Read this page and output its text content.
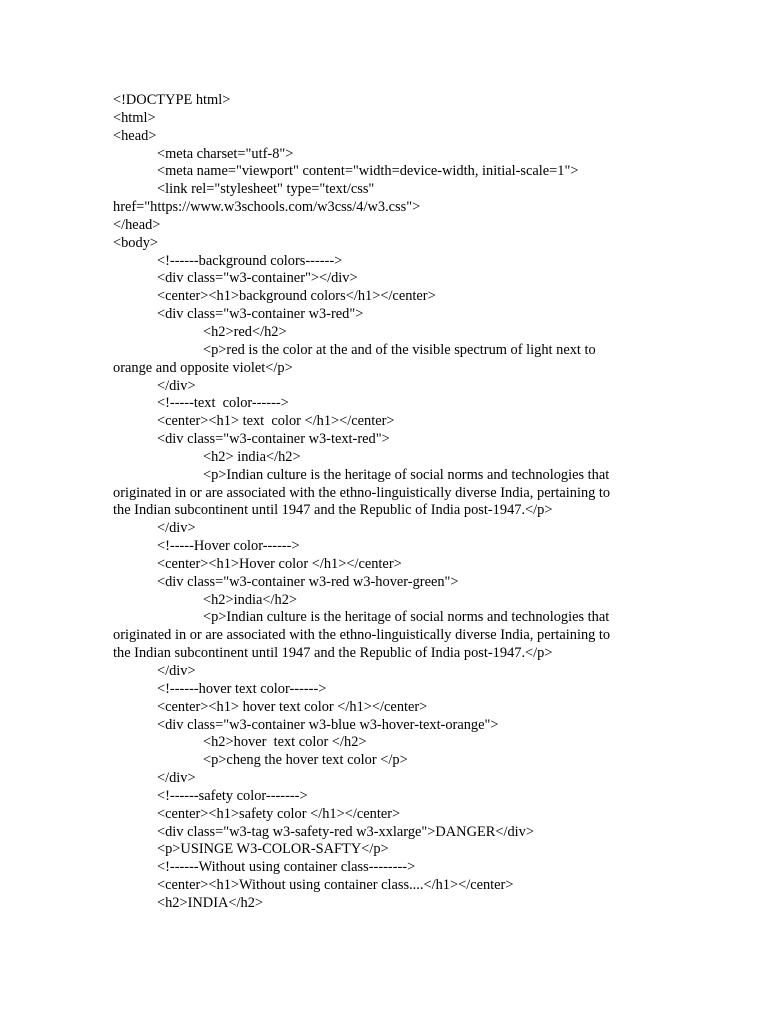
<!DOCTYPE html>
<html>
<head>
<meta charset="utf-8">
<meta name="viewport" content="width=device-width, initial-scale=1">
<link rel="stylesheet" type="text/css"
href="https://www.w3schools.com/w3css/4/w3.css">
</head>
<body>
<!------background colors------>
<div class="w3-container"></div>
<center><h1>background colors</h1></center>
<div class="w3-container w3-red">
<h2>red</h2>
<p>red is the color at the and of the visible spectrum of light next to
orange and opposite violet</p>
</div>
<!-----text  color------>
<center><h1> text  color </h1></center>
<div class="w3-container w3-text-red">
<h2> india</h2>
<p>Indian culture is the heritage of social norms and technologies that
originated in or are associated with the ethno-linguistically diverse India, pertaining to
the Indian subcontinent until 1947 and the Republic of India post-1947.</p>
</div>
<!-----Hover color------>
<center><h1>Hover color </h1></center>
<div class="w3-container w3-red w3-hover-green">
<h2>india</h2>
<p>Indian culture is the heritage of social norms and technologies that
originated in or are associated with the ethno-linguistically diverse India, pertaining to
the Indian subcontinent until 1947 and the Republic of India post-1947.</p>
</div>
<!------hover text color------>
<center><h1> hover text color </h1></center>
<div class="w3-container w3-blue w3-hover-text-orange">
<h2>hover  text color </h2>
<p>cheng the hover text color </p>
</div>
<!------safety color------->
<center><h1>safety color </h1></center>
<div class="w3-tag w3-safety-red w3-xxlarge">DANGER</div>
<p>USINGE W3-COLOR-SAFTY</p>
<!------Without using container class-------->
<center><h1>Without using container class....</h1></center>
<h2>INDIA</h2>
